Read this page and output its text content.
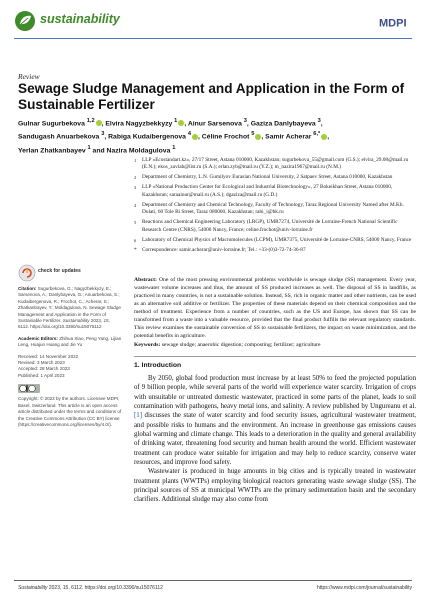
sustainability	MDPI
Review
Sewage Sludge Management and Application in the Form of Sustainable Fertilizer
Gulnar Sugurbekova $^{1,2}$ , Elvira Nagyzbekkyzy $^1$ , Ainur Sarsenova $^3$, Gaziza Danlybayeva $^3$,
Sandugash Anuarbekova $^3$, Rabiga Kudaibergenova $^4$ , Céline Frochot $^5$ , Samir Acherar $^{6,*}$ ,
Yerlan Zhatkanbayev $^1$ and Nazira Moldagulova $^1$
1 LLP «Ecostandart.kz», 27/17 Street, Astana 010000, Kazakhstan; sugurbekova_55@gmail.com (G.S.); elvira_29.08@mail.ru (E.N.); ekos_zavlab@list.ru (S.A.); erlan.zyb@mail.ru (Y.Z.); m_nazira1967@mail.ru (N.M.)
2 Department of Chemistry, L.N. Gumilyov Eurasian National University, 2 Satpaev Street, Astana 010000, Kazakhstan
3 LLP «National Production Center for Ecological and Industrial Biotechnology», 27 Bokeikhan Street, Astana 010000, Kazakhstan; saraainur@mail.ru (A.S.); dgaziza@mail.ru (G.D.)
4 Department of Chemistry and Chemical Technology, Faculty of Technology, Taraz Regional University Named after M.Kh. Dulati, 60 Tole Bi Street, Taraz 080000, Kazakhstan; rabi_i@bk.ru
5 Reactions and Chemical Engineering Laboratory (LRGP), UMR7274, Université de Lorraine-French National Scientific Research Centre (CNRS), 54000 Nancy, France; celine.frochot@univ-lorraine.fr
6 Laboratory of Chemical Physics of Macromolecules (LCPM), UMR7375, Université de Lorraine-CNRS, 54000 Nancy, France
* Correspondence: samir.acherar@univ-lorraine.fr; Tel.: +33-(0)3-72-74-36-87
Abstract: One of the most pressing environmental problems worldwide is sewage sludge (SS) management. Every year, wastewater volume increases and thus, the amount of SS produced increases as well. The disposal of SS in landfills, as practiced in many countries, is not a sustainable solution. Instead, SS, rich in organic matter and other nutrients, can be used as an alternative soil additive or fertilizer. The properties of these materials depend on their chemical composition and the method of treatment. Experience from a number of countries, such as the US and Europe, has shown that SS can be transformed from a waste into a valuable resource, provided that the final product fulfills the relevant regulatory standards. This review examines the sustainable conversion of SS to sustainable fertilizers, the impact on waste minimization, and the potential benefits in agriculture.
Keywords: sewage sludge; anaerobic digestion; composting; fertilizer; agriculture
check for updates

Citation: Sugurbekova, G.; Nagyzbekkyzy, E.; Sarsenova, A.; Danlybayeva, G.; Anuarbekova, S.; Kudaibergenova, R.; Frochot, C.; Acherar, S.; Zhatkanbayev, Y.; Moldagulova, N. Sewage Sludge Management and Application in the Form of Sustainable Fertilizer. Sustainability 2023, 15, 6112. https://doi.org/10.3390/su15076112

Academic Editors: Zhihua Xiao, Peng Yang, Lijian Leng, Huajun Huang and Jie Yu

Received: 14 November 2022
Revised: 3 March 2023
Accepted: 28 March 2023
Published: 1 April 2023

Copyright: © 2023 by the authors. Licensee MDPI, Basel, Switzerland. This article is an open access article distributed under the terms and conditions of the Creative Commons Attribution (CC BY) license (https://creativecommons.org/licenses/by/4.0/).

1. Introduction

By 2050, global food production must increase by at least 50% to feed the projected population of 9 billion people, while several parts of the world will experience water scarcity. Irrigation of crops with unsuitable or untreated domestic wastewater, practiced in some parts of the planet, leads to soil contamination with pathogens, heavy metal ions, and salinity. A review published by Ungureanu et al. [1] discusses the state of water scarcity and food security issues, agricultural wastewater treatment, and possible risks to humans and the environment. An increase in greenhouse gas emissions causes global warming and climate change. This leads to a deterioration in the quality and general availability of drinking water, threatening food security and human health around the world. Efficient wastewater treatment can produce water suitable for irrigation and may help to reduce scarcity, conserve water resources, and improve food safety.

Wastewater is produced in huge amounts in big cities and is typically treated in wastewater treatment plants (WWTPs) employing biological reactors generating waste sewage sludge (SS). The principal sources of SS at municipal WWTPs are the primary sedimentation basin and the secondary clarifiers. Additional sludge may also come from

Sustainability 2023, 15, 6112. https://doi.org/10.3390/su15076112	https://www.mdpi.com/journal/sustainability
